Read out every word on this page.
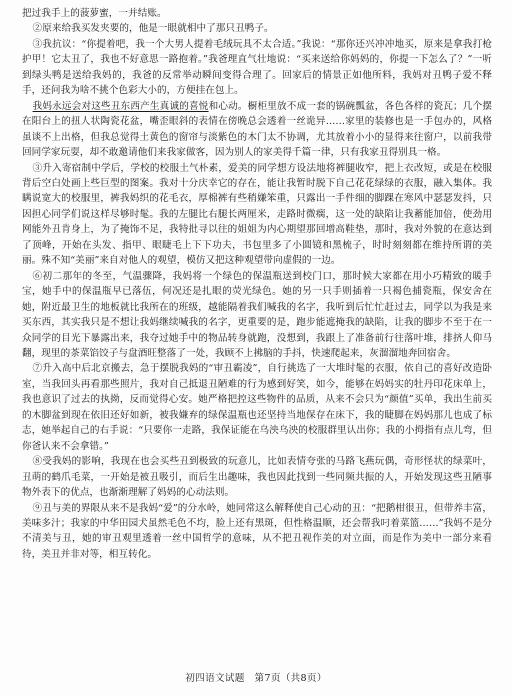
把过我手上的菠萝蜜，一并结账。

②原来给我买发夹要的，他是一眼就相中了那只丑鸭子。

③我抗议：“你提着吧，我一个大男人提着毛绒玩具不太合适。”我说：“那你还兴冲冲地买，原来是拿我打枪护甲！它太丑了，我也不好意思一路抱着。”我爸理直气壮地说：“买来送给你妈妈的，你提一下怎么了？”一听到绿头鸭是送给我妈的，我爸的反常举动瞬间变得合理了。回家后的情景正如他所料，我妈对丑鸭子爱不释手，还问我为啥不挑个色彩大小的，方便挂在包上。

我妈永远会对这些丑东西产生真诚的喜悦和心动。橱柜里放不成一套的锅碗瓢盆，各色各样的瓷瓦；几个摆在阳台上的扭人状陶瓷花盆，嘴歪眼斜的表情在傍晚总会透着一丝诡异……家里的装修也是一手包办的，风格虽谈不上出格，但我总觉得土黄色的窗帘与淡紫色的木门太不协调，尤其放着小小的显得来往窗户，以前我带回同学家玩耍，却不敢邀请他们来我家做客，因为别人的家美得千篇一律，只有我家丑得别具一格。

③升入寄宿制中学后，学校的校服土气朴素，爱美的同学想方设法地将裤腿收窄，把上衣改短，或是在校服背后空白处画上些巨型的图案。我对十分庆幸它的存在，能让我暂时脱下自己花花绿绿的衣服，融入集体。我瞒说宽大的校服里，裤我妈织的花毛衣，厚棉裤有些稍嫌笨重，只露出一手件细的脚踝在寒风中瑟瑟发抖，只因担心同学们说这样尽够时髦。我的左腿比右腿长两厘米，走路时微瘸，这一处的缺陷让我蓄能加倍，使劲用网能外丑肯身上，为了掩饰不足，我特批寻以往的姐姐为内心期望那回增高鞋垫，那时，我对外貌的在意达到了顶峰，开始在头发、指甲、眼睫毛上下下功夫，书包里多了小圆镜和黑梳子，时时刻刻都在维持所谓的美丽。殊不知“美丽”来自对他人的观望，模仿又把这种观望带向虚假的一边。

⑥初二那年的冬至，气温骤降，我妈将一个绿色的保温瓶送到校门口，那时候大家都在用小巧精致的暖手宝，她手中的保温瓶早已落伍，何况还是扎眼的荧光绿色。她的另一只手则插着一只褐色捕瓷瓶，保安舍在她，附近最卫生的地板就比我所在的班级，越能隔着我们喊我的名字，我听到后忙忙赶过去，同学以为我是来买东西，其实我只是不想让我妈继续喊我的名字，更重要的是，跑步能遮掩我的缺陷，让我的脚步不至于在一众同学的目光下暴露出来，我夺过她手中的物品转身就跑，没想到，我跟上了准备前行往落叶堆，排挤人仰马翻，现里的茶菜馅饺子与盘酒旺整落了一处，我顾不上拂脑的手抖，快速爬起来，灰溜溜地奔回宿舍。

⑦升入高中后北京搬去，急于摆脱我妈的“审丑霸凌”，自行挑选了一大堆时髦的衣服，依自己的喜好改造卧室，当我回头再看那些照片，我对自己抵退丑陋难的行为感到好笑，如今，能够在妈妈实的牡丹印花床单上，我也意识了过去的执拗，反而觉得心安。她严格把控这些物件的品质，从来不会只为“颜值”买单，我出生前买的木脚盆到现在依旧还好如新，被我嫌弃的绿保温瓶也还坚持当地保存在床下，我的睫脚在妈妈那儿也成了标志，她举起自己的右手说：“只要你一走路，我保证能在乌泱乌泱的校服群里认出你；我的小拇指有点儿弯，但你爸认来不会拿错。”

⑧受我妈的影响，我现在也会买些丑到极致的玩意儿，比如表情夸张的马路飞燕玩偶，奇形怪状的绿菜叶，丑萌的鹤爪毛菜，一开始是被丑吸引，而后生出趣味，我也因此找到一些同频共振的人，开始发现这些丑陋事物外表下的优点，也渐渐理解了妈妈的心动法则。

⑨丑与美的界限从来不是我妈“爱”的分水岭，她同常这么解释使自己心动的丑：“把鹅柑很丑，但带养丰富，美味多汁；我家的中华田园犬虽然毛色不均，脸上还有黑斑，但性格温顺，还会帮我叼着菜篮……”我妈不是分不清美与丑，她的审丑观里透着一丝中国哲学的意味，从不把丑视作美的对立面，而是作为美中一部分来看待，美丑并非对等，相互转化。

初四语文试题　第7页（共8页）
